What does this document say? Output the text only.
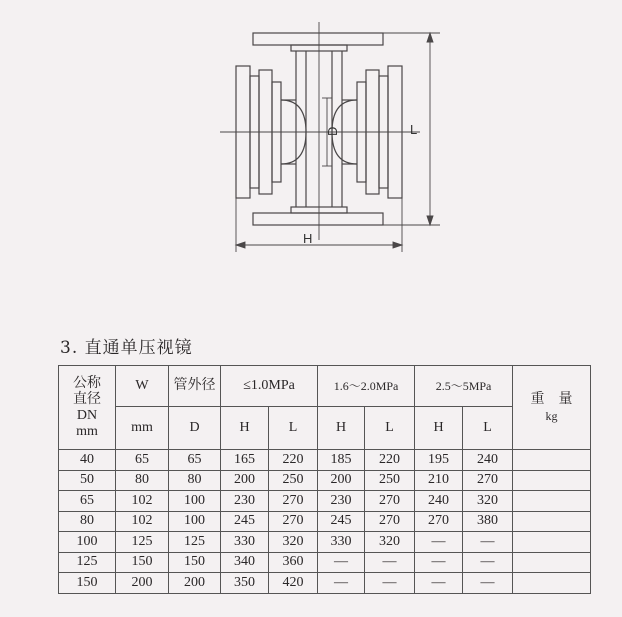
D	L
H
3. 直通单压视镜
公称
直径
DN
mm	W	管外径	≤1.0MPa		1.6～2.0MPa		2.5～5MPa		重　量
kg

	mm	D	H	L	H	L	H	L	
40	65	65	165	220	185	220	195	240	
50	80	80	200	250	200	250	210	270	
65	102	100	230	270	230	270	240	320	
80	102	100	245	270	245	270	270	380	
100	125	125	330	320	330	320	—	—	
125	150	150	340	360	—	—	—	—	
150	200	200	350	420	—	—	—	—	
